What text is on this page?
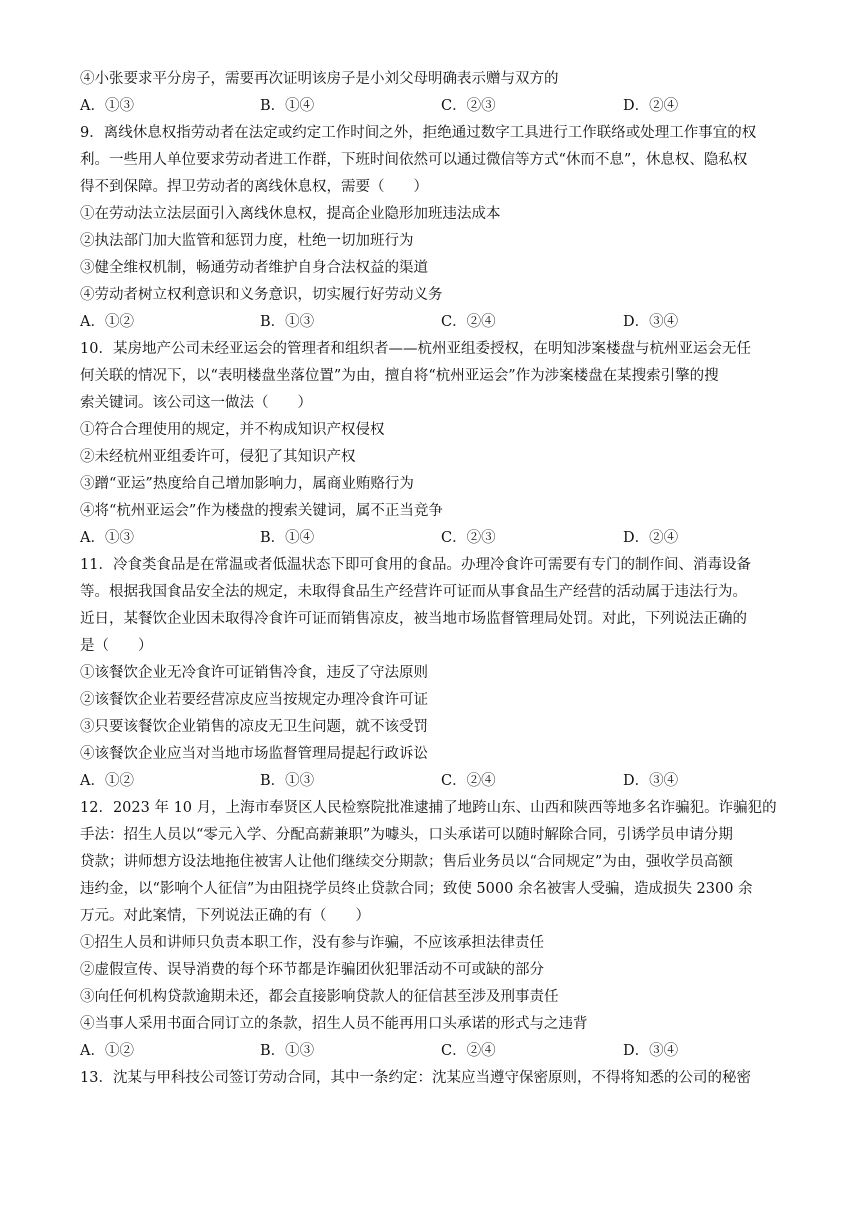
④小张要求平分房子，需要再次证明该房子是小刘父母明确表示赠与双方的
A．①③	B．①④	C．②③	D．②④
9．离线休息权指劳动者在法定或约定工作时间之外，拒绝通过数字工具进行工作联络或处理工作事宜的权
利。一些用人单位要求劳动者进工作群，下班时间依然可以通过微信等方式“休而不息”，休息权、隐私权
得不到保障。捍卫劳动者的离线休息权，需要（　　）
①在劳动法立法层面引入离线休息权，提高企业隐形加班违法成本
②执法部门加大监管和惩罚力度，杜绝一切加班行为
③健全维权机制，畅通劳动者维护自身合法权益的渠道
④劳动者树立权利意识和义务意识，切实履行好劳动义务
A．①②	B．①③	C．②④	D．③④
10．某房地产公司未经亚运会的管理者和组织者——杭州亚组委授权，在明知涉案楼盘与杭州亚运会无任
何关联的情况下，以“表明楼盘坐落位置”为由，擅自将“杭州亚运会”作为涉案楼盘在某搜索引擎的搜
索关键词。该公司这一做法（　　）
①符合合理使用的规定，并不构成知识产权侵权
②未经杭州亚组委许可，侵犯了其知识产权
③蹭“亚运”热度给自己增加影响力，属商业贿赂行为
④将“杭州亚运会”作为楼盘的搜索关键词，属不正当竞争
A．①③	B．①④	C．②③	D．②④
11．冷食类食品是在常温或者低温状态下即可食用的食品。办理冷食许可需要有专门的制作间、消毒设备
等。根据我国食品安全法的规定，未取得食品生产经营许可证而从事食品生产经营的活动属于违法行为。
近日，某餐饮企业因未取得冷食许可证而销售凉皮，被当地市场监督管理局处罚。对此，下列说法正确的
是（　　）
①该餐饮企业无冷食许可证销售冷食，违反了守法原则
②该餐饮企业若要经营凉皮应当按规定办理冷食许可证
③只要该餐饮企业销售的凉皮无卫生问题，就不该受罚
④该餐饮企业应当对当地市场监督管理局提起行政诉讼
A．①②	B．①③	C．②④	D．③④
12．2023 年 10 月，上海市奉贤区人民检察院批准逮捕了地跨山东、山西和陕西等地多名诈骗犯。诈骗犯的
手法：招生人员以“零元入学、分配高薪兼职”为噱头，口头承诺可以随时解除合同，引诱学员申请分期
贷款；讲师想方设法地拖住被害人让他们继续交分期款；售后业务员以“合同规定”为由，强收学员高额
违约金，以“影响个人征信”为由阻挠学员终止贷款合同；致使 5000 余名被害人受骗，造成损失 2300 余
万元。对此案情，下列说法正确的有（　　）
①招生人员和讲师只负责本职工作，没有参与诈骗，不应该承担法律责任
②虚假宣传、误导消费的每个环节都是诈骗团伙犯罪活动不可或缺的部分
③向任何机构贷款逾期未还，都会直接影响贷款人的征信甚至涉及刑事责任
④当事人采用书面合同订立的条款，招生人员不能再用口头承诺的形式与之违背
A．①②	B．①③	C．②④	D．③④
13．沈某与甲科技公司签订劳动合同，其中一条约定：沈某应当遵守保密原则，不得将知悉的公司的秘密
